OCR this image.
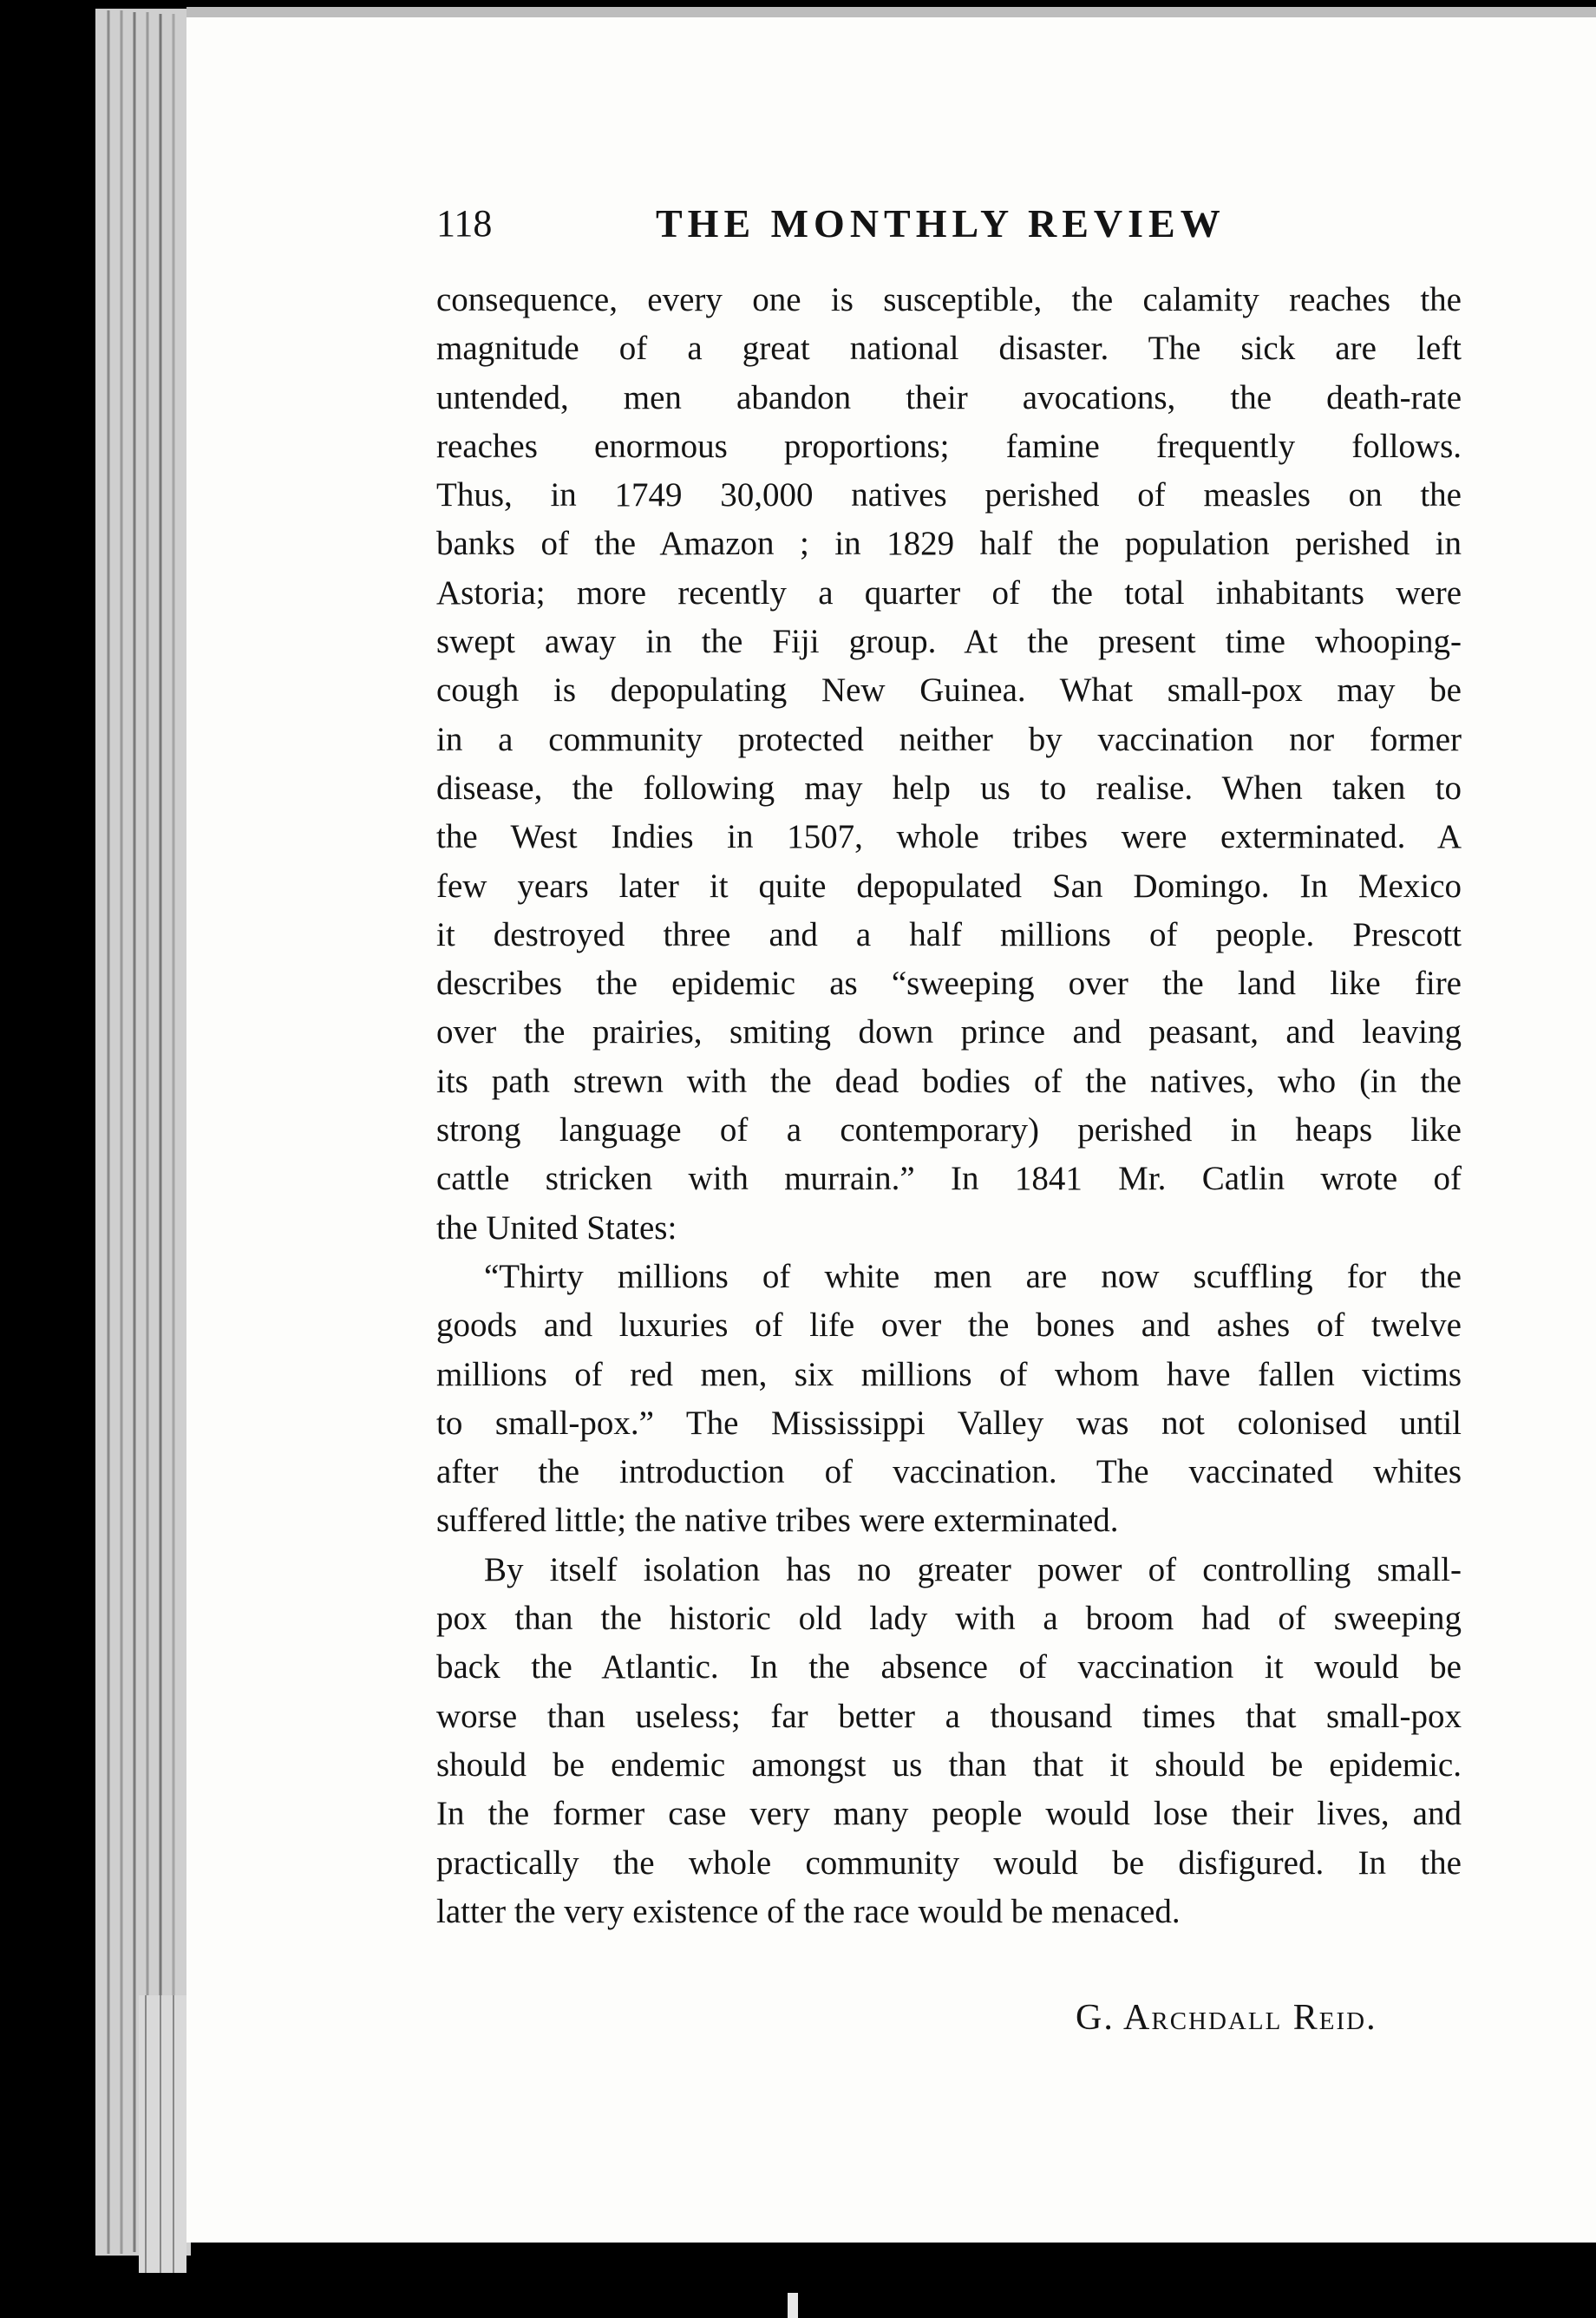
118	THE MONTHLY REVIEW
consequence, every one is susceptible, the calamity reaches the
magnitude of a great national disaster. The sick are left
untended, men abandon their avocations, the death-rate
reaches enormous proportions; famine frequently follows.
Thus, in 1749 30,000 natives perished of measles on the
banks of the Amazon ; in 1829 half the population perished in
Astoria; more recently a quarter of the total inhabitants were
swept away in the Fiji group. At the present time whooping-
cough is depopulating New Guinea. What small-pox may be
in a community protected neither by vaccination nor former
disease, the following may help us to realise. When taken to
the West Indies in 1507, whole tribes were exterminated. A
few years later it quite depopulated San Domingo. In Mexico
it destroyed three and a half millions of people. Prescott
describes the epidemic as “sweeping over the land like fire
over the prairies, smiting down prince and peasant, and leaving
its path strewn with the dead bodies of the natives, who (in the
strong language of a contemporary) perished in heaps like
cattle stricken with murrain.” In 1841 Mr. Catlin wrote of
the United States:
“Thirty millions of white men are now scuffling for the
goods and luxuries of life over the bones and ashes of twelve
millions of red men, six millions of whom have fallen victims
to small-pox.” The Mississippi Valley was not colonised until
after the introduction of vaccination. The vaccinated whites
suffered little; the native tribes were exterminated.
By itself isolation has no greater power of controlling small-
pox than the historic old lady with a broom had of sweeping
back the Atlantic. In the absence of vaccination it would be
worse than useless; far better a thousand times that small-pox
should be endemic amongst us than that it should be epidemic.
In the former case very many people would lose their lives, and
practically the whole community would be disfigured. In the
latter the very existence of the race would be menaced.
G. Archdall Reid.
